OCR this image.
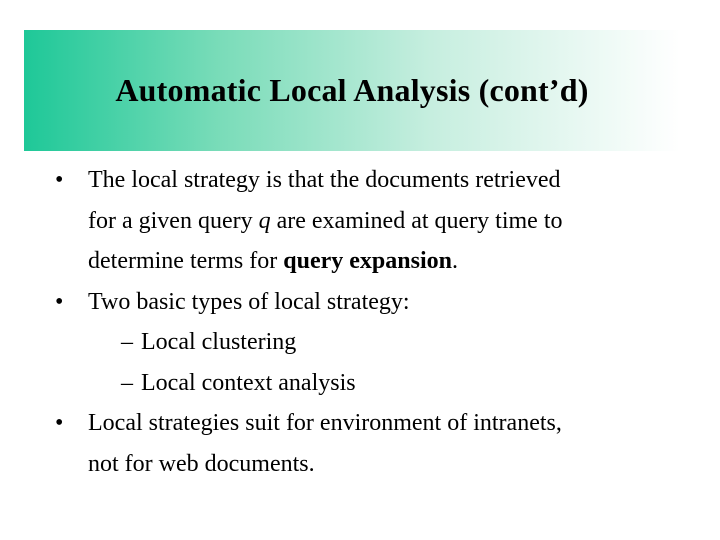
Automatic Local Analysis (cont’d)
•	The local strategy is that the documents retrieved
for a given query q are examined at query time to
determine terms for query expansion.
•	Two basic types of local strategy:
– Local clustering
– Local context analysis
•	Local strategies suit for environment of intranets,
not for web documents.
